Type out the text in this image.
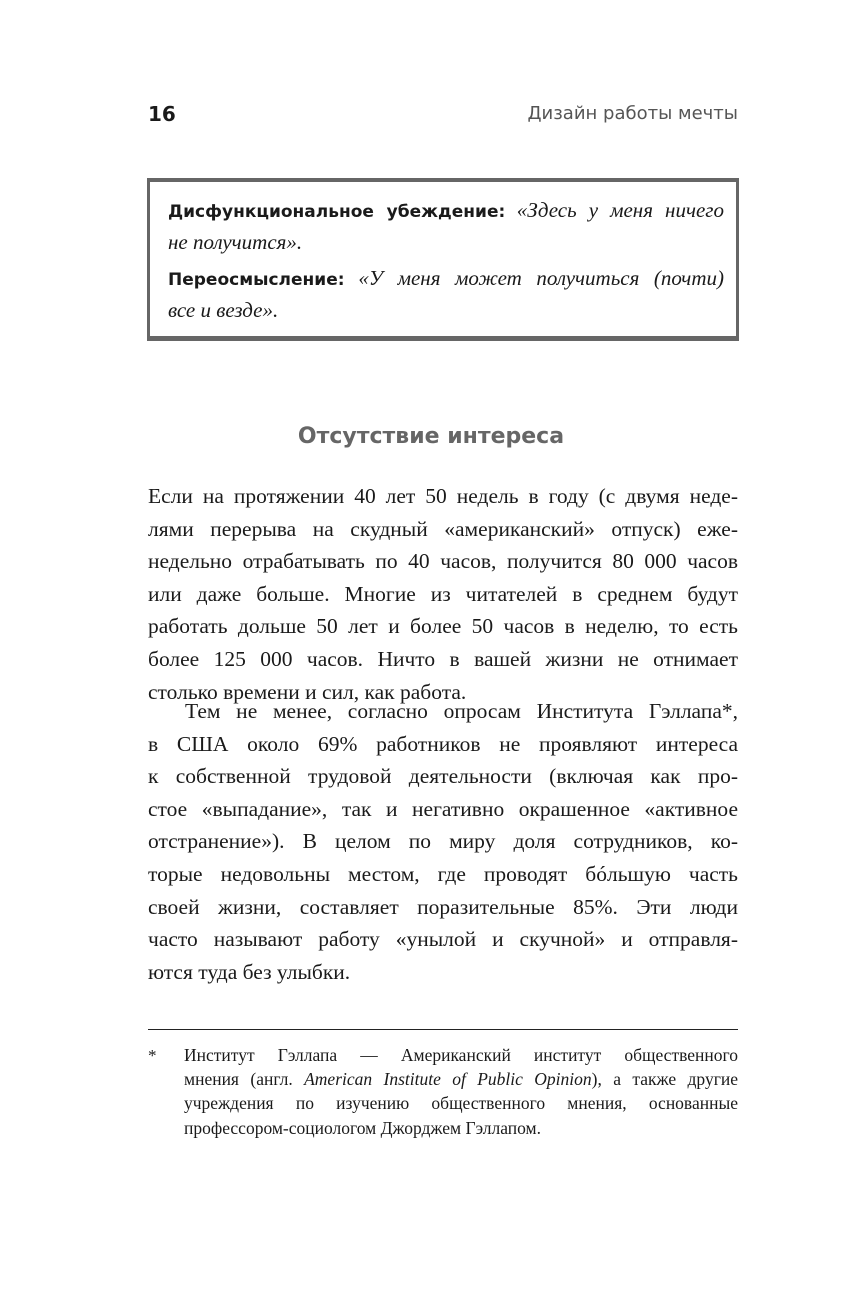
16	Дизайн работы мечты
Дисфункциональное убеждение: «Здесь у меня ничего
не получится».
Переосмысление: «У меня может получиться (почти)
все и везде».
Отсутствие интереса
Если на протяжении 40 лет 50 недель в году (с двумя неде-
лями перерыва на скудный «американский» отпуск) еже-
недельно отрабатывать по 40 часов, получится 80 000 часов
или даже больше. Многие из читателей в среднем будут
работать дольше 50 лет и более 50 часов в неделю, то есть
более 125 000 часов. Ничто в вашей жизни не отнимает
столько времени и сил, как работа.
Тем не менее, согласно опросам Института Гэллапа*,
в США около 69% работников не проявляют интереса
к собственной трудовой деятельности (включая как про-
стое «выпадание», так и негативно окрашенное «активное
отстранение»). В целом по миру доля сотрудников, ко-
торые недовольны местом, где проводят бóльшую часть
своей жизни, составляет поразительные 85%. Эти люди
часто называют работу «унылой и скучной» и отправля-
ются туда без улыбки.
* Институт Гэллапа — Американский институт общественного
мнения (англ. American Institute of Public Opinion), а также другие
учреждения по изучению общественного мнения, основанные
профессором-социологом Джорджем Гэллапом.
